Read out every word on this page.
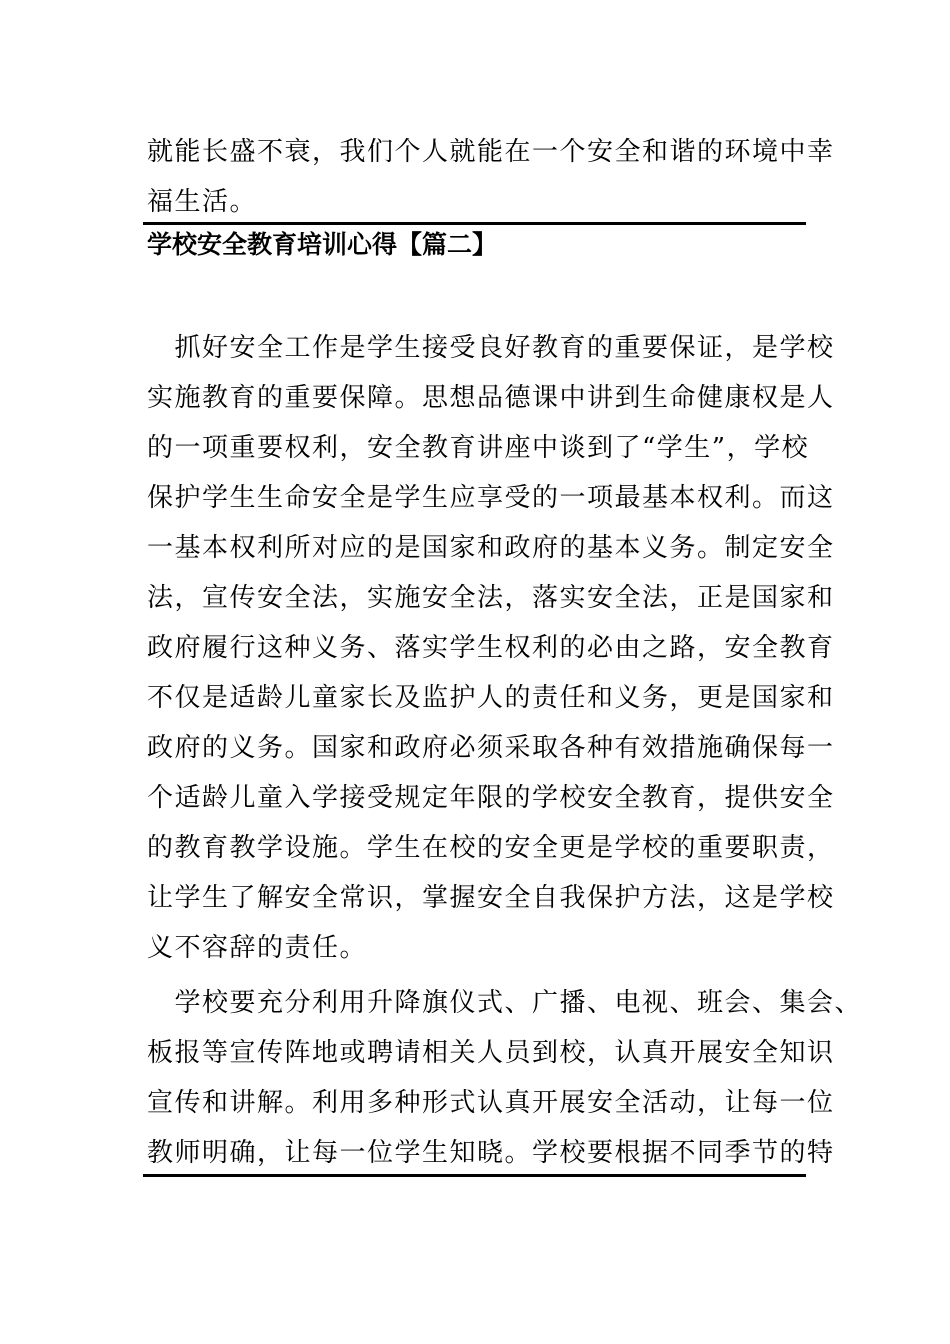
就能长盛不衰，我们个人就能在一个安全和谐的环境中幸
福生活。
学校安全教育培训心得【篇二】
　抓好安全工作是学生接受良好教育的重要保证，是学校
实施教育的重要保障。思想品德课中讲到生命健康权是人
的一项重要权利，安全教育讲座中谈到了“学生”，学校
保护学生生命安全是学生应享受的一项最基本权利。而这
一基本权利所对应的是国家和政府的基本义务。制定安全
法，宣传安全法，实施安全法，落实安全法，正是国家和
政府履行这种义务、落实学生权利的必由之路，安全教育
不仅是适龄儿童家长及监护人的责任和义务，更是国家和
政府的义务。国家和政府必须采取各种有效措施确保每一
个适龄儿童入学接受规定年限的学校安全教育，提供安全
的教育教学设施。学生在校的安全更是学校的重要职责，
让学生了解安全常识，掌握安全自我保护方法，这是学校
义不容辞的责任。
　学校要充分利用升降旗仪式、广播、电视、班会、集会、
板报等宣传阵地或聘请相关人员到校，认真开展安全知识
宣传和讲解。利用多种形式认真开展安全活动，让每一位
教师明确，让每一位学生知晓。学校要根据不同季节的特
